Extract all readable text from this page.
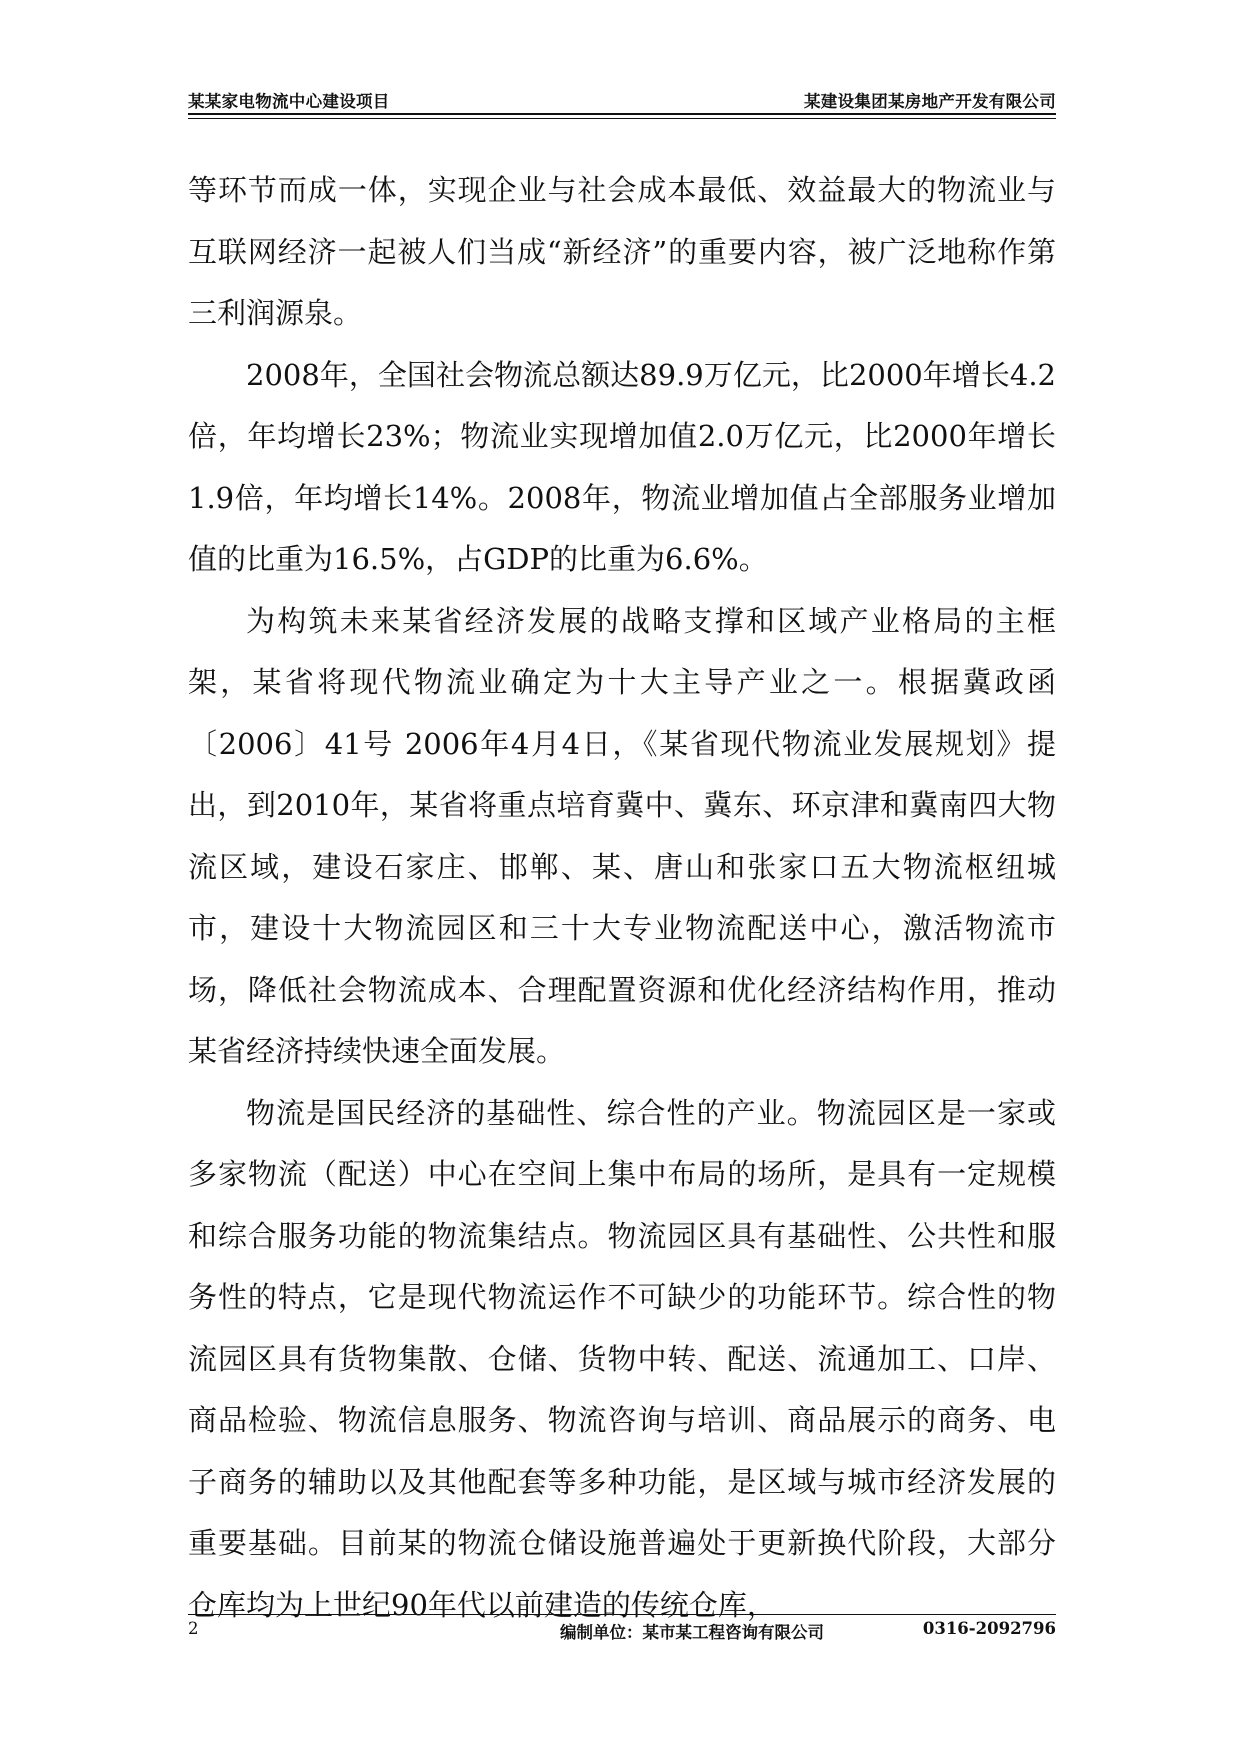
某某家电物流中心建设项目	某建设集团某房地产开发有限公司

等环节而成一体，实现企业与社会成本最低、效益最大的物流业与互联网经济一起被人们当成“新经济”的重要内容，被广泛地称作第三利润源泉。

2008年，全国社会物流总额达89.9万亿元，比2000年增长4.2倍，年均增长23%；物流业实现增加值2.0万亿元，比2000年增长1.9倍，年均增长14%。2008年，物流业增加值占全部服务业增加值的比重为16.5%，占GDP的比重为6.6%。

为构筑未来某省经济发展的战略支撑和区域产业格局的主框架，某省将现代物流业确定为十大主导产业之一。根据冀政函〔2006〕41号 2006年4月4日，《某省现代物流业发展规划》提出，到2010年，某省将重点培育冀中、冀东、环京津和冀南四大物流区域，建设石家庄、邯郸、某、唐山和张家口五大物流枢纽城市，建设十大物流园区和三十大专业物流配送中心，激活物流市场，降低社会物流成本、合理配置资源和优化经济结构作用，推动某省经济持续快速全面发展。

物流是国民经济的基础性、综合性的产业。物流园区是一家或多家物流（配送）中心在空间上集中布局的场所，是具有一定规模和综合服务功能的物流集结点。物流园区具有基础性、公共性和服务性的特点，它是现代物流运作不可缺少的功能环节。综合性的物流园区具有货物集散、仓储、货物中转、配送、流通加工、口岸、商品检验、物流信息服务、物流咨询与培训、商品展示的商务、电子商务的辅助以及其他配套等多种功能，是区域与城市经济发展的重要基础。目前某的物流仓储设施普遍处于更新换代阶段，大部分仓库均为上世纪90年代以前建造的传统仓库，

2	编制单位：某市某工程咨询有限公司	0316-2092796
